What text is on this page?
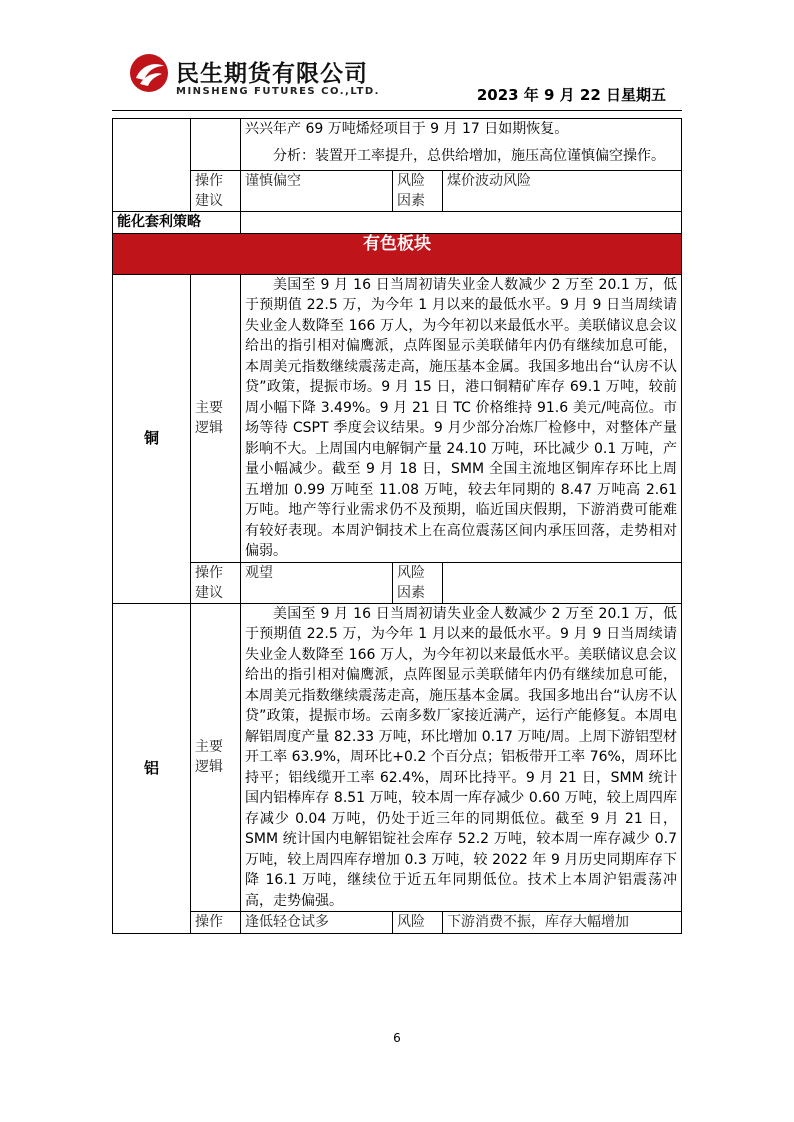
民生期货有限公司
MINSHENG FUTURES CO.,LTD.	2023 年 9 月 22 日星期五

		兴兴年产 69 万吨烯烃项目于 9 月 17 日如期恢复。

分析：装置开工率提升，总供给增加，施压高位谨慎偏空操作。		

	操作建议	谨慎偏空	风险因素	煤价波动风险
能化套利策略				
有色板块				
铜	主要逻辑	美国至 9 月 16 日当周初请失业金人数减少 2 万至 20.1 万，低于预期值 22.5 万，为今年 1 月以来的最低水平。9 月 9 日当周续请失业金人数降至 166 万人，为今年初以来最低水平。美联储议息会议给出的指引相对偏鹰派，点阵图显示美联储年内仍有继续加息可能，本周美元指数继续震荡走高，施压基本金属。我国多地出台“认房不认贷”政策，提振市场。9 月 15 日，港口铜精矿库存 69.1 万吨，较前周小幅下降 3.49%。9 月 21 日 TC 价格维持 91.6 美元/吨高位。市场等待 CSPT 季度会议结果。9 月少部分冶炼厂检修中，对整体产量影响不大。上周国内电解铜产量 24.10 万吨，环比减少 0.1 万吨，产量小幅减少。截至 9 月 18 日，SMM 全国主流地区铜库存环比上周五增加 0.99 万吨至 11.08 万吨，较去年同期的 8.47 万吨高 2.61 万吨。地产等行业需求仍不及预期，临近国庆假期，下游消费可能难有较好表现。本周沪铜技术上在高位震荡区间内承压回落，走势相对偏弱。		

	操作建议	观望	风险因素	
铝	主要逻辑	美国至 9 月 16 日当周初请失业金人数减少 2 万至 20.1 万，低于预期值 22.5 万，为今年 1 月以来的最低水平。9 月 9 日当周续请失业金人数降至 166 万人，为今年初以来最低水平。美联储议息会议给出的指引相对偏鹰派，点阵图显示美联储年内仍有继续加息可能，本周美元指数继续震荡走高，施压基本金属。我国多地出台“认房不认贷”政策，提振市场。云南多数厂家接近满产，运行产能修复。本周电解铝周度产量 82.33 万吨，环比增加 0.17 万吨/周。上周下游铝型材开工率 63.9%，周环比+0.2 个百分点；铝板带开工率 76%，周环比持平；铝线缆开工率 62.4%，周环比持平。9 月 21 日，SMM 统计国内铝棒库存 8.51 万吨，较本周一库存减少 0.60 万吨，较上周四库存减少 0.04 万吨，仍处于近三年的同期低位。截至 9 月 21 日，SMM 统计国内电解铝锭社会库存 52.2 万吨，较本周一库存减少 0.7 万吨，较上周四库存增加 0.3 万吨，较 2022 年 9 月历史同期库存下降 16.1 万吨，继续位于近五年同期低位。技术上本周沪铝震荡冲高，走势偏强。		

	操作	逢低轻仓试多	风险	下游消费不振，库存大幅增加
6
